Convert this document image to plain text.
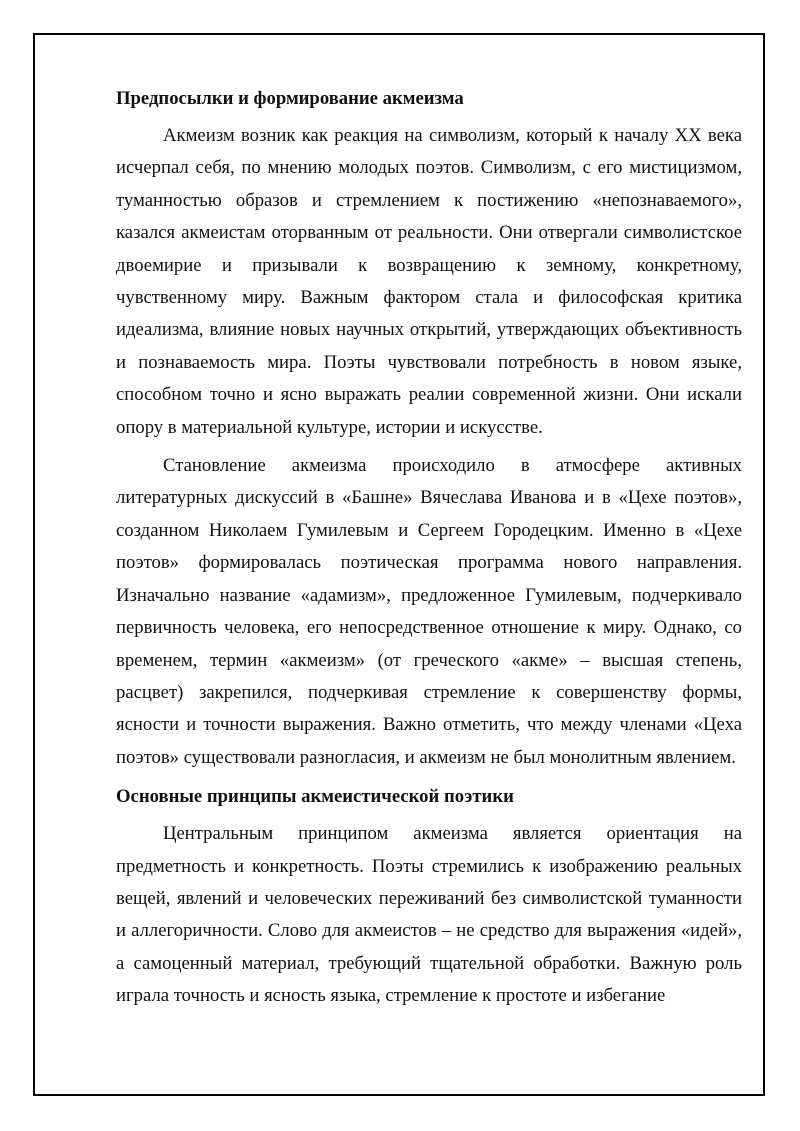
Предпосылки и формирование акмеизма

Акмеизм возник как реакция на символизм, который к началу XX века исчерпал себя, по мнению молодых поэтов. Символизм, с его мистицизмом, туманностью образов и стремлением к постижению «непознаваемого», казался акмеистам оторванным от реальности. Они отвергали символистское двоемирие и призывали к возвращению к земному, конкретному, чувственному миру. Важным фактором стала и философская критика идеализма, влияние новых научных открытий, утверждающих объективность и познаваемость мира. Поэты чувствовали потребность в новом языке, способном точно и ясно выражать реалии современной жизни. Они искали опору в материальной культуре, истории и искусстве.

Становление акмеизма происходило в атмосфере активных литературных дискуссий в «Башне» Вячеслава Иванова и в «Цехе поэтов», созданном Николаем Гумилевым и Сергеем Городецким. Именно в «Цехе поэтов» формировалась поэтическая программа нового направления. Изначально название «адамизм», предложенное Гумилевым, подчеркивало первичность человека, его непосредственное отношение к миру. Однако, со временем, термин «акмеизм» (от греческого «акме» – высшая степень, расцвет) закрепился, подчеркивая стремление к совершенству формы, ясности и точности выражения. Важно отметить, что между членами «Цеха поэтов» существовали разногласия, и акмеизм не был монолитным явлением.

Основные принципы акмеистической поэтики

Центральным принципом акмеизма является ориентация на предметность и конкретность. Поэты стремились к изображению реальных вещей, явлений и человеческих переживаний без символистской туманности и аллегоричности. Слово для акмеистов – не средство для выражения «идей», а самоценный материал, требующий тщательной обработки. Важную роль играла точность и ясность языка, стремление к простоте и избегание
